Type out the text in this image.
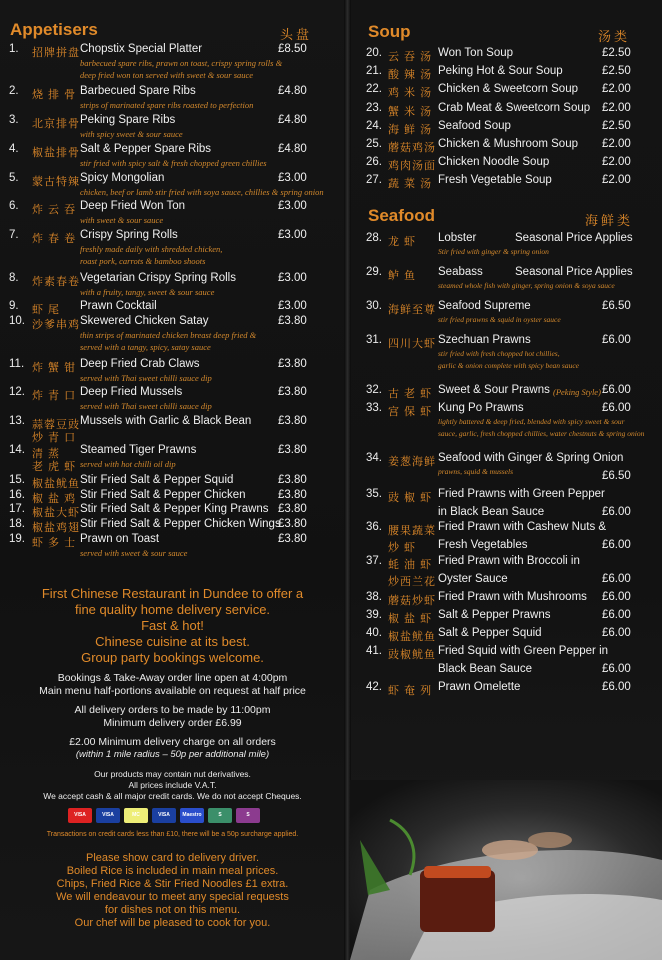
Appetisers	头盘
1. 招牌拼盘 Chopstix Special Platter	£8.50
barbecued spare ribs, prawn on toast, crispy spring rolls &
deep fried won ton served with sweet & sour sauce
2. 烧 排 骨 Barbecued Spare Ribs	£4.80
strips of marinated spare ribs roasted to perfection
3. 北京排骨 Peking Spare Ribs	£4.80
with spicy sweet & sour sauce
4. 椒盐排骨 Salt & Pepper Spare Ribs	£4.80
stir fried with spicy salt & fresh chopped green chillies
5. 蒙古特辣 Spicy Mongolian	£3.00
chicken, beef or lamb stir fried with soya sauce, chillies & spring onion
6. 炸 云 吞 Deep Fried Won Ton	£3.00
with sweet & sour sauce
7. 炸 春 卷 Crispy Spring Rolls	£3.00
freshly made daily with shredded chicken,
roast pork, carrots & bamboo shoots
8. 炸素春卷 Vegetarian Crispy Spring Rolls	£3.00
with a fruity, tangy, sweet & sour sauce
9. 虾 尾 Prawn Cocktail	£3.00
10. 沙爹串鸡 Skewered Chicken Satay	£3.80
thin strips of marinated chicken breast deep fried &
served with a tangy, spicy, satay sauce
11. 炸 蟹 钳 Deep Fried Crab Claws	£3.80
served with Thai sweet chilli sauce dip
12. 炸 青 口 Deep Fried Mussels	£3.80
served with Thai sweet chilli sauce dip
13. 蒜蓉豆豉
炒 青 口
Mussels with Garlic & Black Bean £3.80
14. 清 蒸
老 虎 虾
Steamed Tiger Prawns	£3.80
served with hot chilli oil dip
15. 椒盐鱿鱼 Stir Fried Salt & Pepper Squid	£3.80
16. 椒 盐 鸡 Stir Fried Salt & Pepper Chicken	£3.80
17. 椒盐大虾 Stir Fried Salt & Pepper King Prawns £3.80
18. 椒盐鸡翅 Stir Fried Salt & Pepper Chicken Wings
£3.80
19. 虾 多 士 Prawn on Toast	£3.80
served with sweet & sour sauce
First Chinese Restaurant in Dundee to offer a
fine quality home delivery service.
Fast & hot!
Chinese cuisine at its best.
Group party bookings welcome.
Bookings & Take-Away order line open at 4:00pm
Main menu half-portions available on request at half price
All delivery orders to be made by 11:00pm
Minimum delivery order £6.99
£2.00 Minimum delivery charge on all orders
(within 1 mile radius – 50p per additional mile)
Our products may contain nut derivatives.
All prices include V.A.T.
We accept cash & all major credit cards. We do not accept Cheques.
Transactions on credit cards less than £10, there will be a 50p surcharge applied.
Please show card to delivery driver.
Boiled Rice is included in main meal prices.
Chips, Fried Rice & Stir Fried Noodles £1 extra.
We will endeavour to meet any special requests
for dishes not on this menu.
Our chef will be pleased to cook for you.
VISA	VISA	MC	VISA	Maestro	S	S
Soup	汤类
20. 云 吞 汤 Won Ton Soup	£2.50
21. 酸 辣 汤 Peking Hot & Sour Soup	£2.50
22. 鸡 米 汤 Chicken & Sweetcorn Soup £2.00
23. 蟹 米 汤 Crab Meat & Sweetcorn Soup £2.00
24. 海 鲜 汤 Seafood Soup	£2.50
25. 蘑菇鸡汤 Chicken & Mushroom Soup £2.00
26. 鸡肉汤面 Chicken Noodle Soup	£2.00
27. 蔬 菜 汤 Fresh Vegetable Soup	£2.00
Seafood	海鲜类
28. 龙 虾 Lobster	Seasonal Price Applies
Stir fried with ginger & spring onion
29. 鲈 鱼 Seabass	Seasonal Price Applies
steamed whole fish with ginger, spring onion & soya sauce
30. 海鲜至尊 Seafood Supreme	£6.50
stir fried prawns & squid in oyster sauce
31. 四川大虾 Szechuan Prawns	£6.00
stir fried with fresh chopped hot chillies,
garlic & onion complete with spicy bean sauce
32. 古 老 虾 Sweet & Sour Prawns (Peking Style) £6.00
33. 宫 保 虾 Kung Po Prawns	£6.00
lightly battered & deep fried, blended with spicy sweet & sour
sauce, garlic, fresh chopped chillies, water chestnuts & spring onion
34. 姜葱海鲜 Seafood with Ginger & Spring Onion
£6.50
prawns, squid & mussels
35. 豉 椒 虾 Fried Prawns with Green Pepper
in Black Bean Sauce	£6.00
36. 腰果蔬菜
炒 虾
Fried Prawn with Cashew Nuts &
Fresh Vegetables	£6.00
37. 蚝 油 虾
炒西兰花
Fried Prawn with Broccoli in
Oyster Sauce	£6.00
38. 蘑菇炒虾 Fried Prawn with Mushrooms £6.00
39. 椒 盐 虾 Salt & Pepper Prawns	£6.00
40. 椒盐鱿鱼 Salt & Pepper Squid	£6.00
41. 豉椒鱿鱼 Fried Squid with Green Pepper in
Black Bean Sauce	£6.00
42. 虾 奄 列 Prawn Omelette	£6.00
